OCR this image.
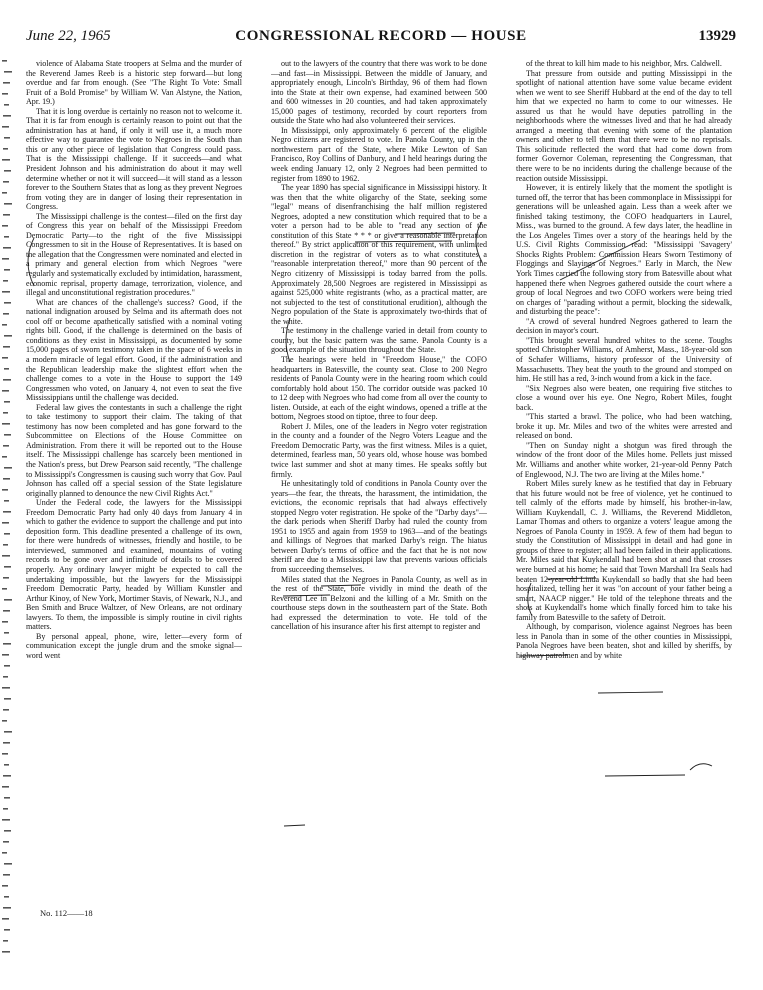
June 22, 1965	CONGRESSIONAL RECORD — HOUSE	13929

violence of Alabama State troopers at Selma and the murder of the Reverend James Reeb is a historic step forward—but long overdue and far from enough. (See "The Right To Vote: Small Fruit of a Bold Promise" by William W. Van Alstyne, the Nation, Apr. 19.)

That it is long overdue is certainly no reason not to welcome it. That it is far from enough is certainly reason to point out that the administration has at hand, if only it will use it, a much more effective way to guarantee the vote to Negroes in the South than this or any other piece of legislation that Congress could pass. That is the Mississippi challenge. If it succeeds—and what President Johnson and his administration do about it may well determine whether or not it will succeed—it will stand as a lesson forever to the Southern States that as long as they prevent Negroes from voting they are in danger of losing their representation in Congress.

The Mississippi challenge is the contest—filed on the first day of Congress this year on behalf of the Mississippi Freedom Democratic Party—to the right of the five Mississippi Congressmen to sit in the House of Representatives. It is based on the allegation that the Congressmen were nominated and elected in a primary and general election from which Negroes "were regularly and systematically excluded by intimidation, harassment, economic reprisal, property damage, terrorization, violence, and illegal and unconstitutional registration procedures."

What are chances of the challenge's success? Good, if the national indignation aroused by Selma and its aftermath does not cool off or become apathetically satisfied with a nominal voting rights bill. Good, if the challenge is determined on the basis of conditions as they exist in Mississippi, as documented by some 15,000 pages of sworn testimony taken in the space of 6 weeks in a modern miracle of legal effort. Good, if the administration and the Republican leadership make the slightest effort when the challenge comes to a vote in the House to support the 149 Congressmen who voted, on January 4, not even to seat the five Mississippians until the challenge was decided.

Federal law gives the contestants in such a challenge the right to take testimony to support their claim. The taking of that testimony has now been completed and has gone forward to the Subcommittee on Elections of the House Committee on Administration. From there it will be reported out to the House itself. The Mississippi challenge has scarcely been mentioned in the Nation's press, but Drew Pearson said recently, "The challenge to Mississippi's Congressmen is causing such worry that Gov. Paul Johnson has called off a special session of the State legislature originally planned to denounce the new Civil Rights Act."

Under the Federal code, the lawyers for the Mississippi Freedom Democratic Party had only 40 days from January 4 in which to gather the evidence to support the challenge and put into deposition form. This deadline presented a challenge of its own, for there were hundreds of witnesses, friendly and hostile, to be interviewed, summoned and examined, mountains of voting records to be gone over and infinitude of details to be covered properly. Any ordinary lawyer might be expected to call the undertaking impossible, but the lawyers for the Mississippi Freedom Democratic Party, headed by William Kunstler and Arthur Kinoy, of New York, Mortimer Stavis, of Newark, N.J., and Ben Smith and Bruce Waltzer, of New Orleans, are not ordinary lawyers. To them, the impossible is simply routine in civil rights matters.

By personal appeal, phone, wire, letter—every form of communication except the jungle drum and the smoke signal—word went

out to the lawyers of the country that there was work to be done—and fast—in Mississippi. Between the middle of January, and appropriately enough, Lincoln's Birthday, 96 of them had flown into the State at their own expense, had examined between 500 and 600 witnesses in 20 counties, and had taken approximately 15,000 pages of testimony, recorded by court reporters from outside the State who had also volunteered their services.

In Mississippi, only approximately 6 percent of the eligible Negro citizens are registered to vote. In Panola County, up in the northwestern part of the State, where Mike Lewton of San Francisco, Roy Collins of Danbury, and I held hearings during the week ending January 12, only 2 Negroes had been permitted to register from 1890 to 1962.

The year 1890 has special significance in Mississippi history. It was then that the white oligarchy of the State, seeking some "legal" means of disenfranchising the half million registered Negroes, adopted a new constitution which required that to be a voter a person had to be able to "read any section of the constitution of this State * * * or give a reasonable interpretation thereof." By strict application of this requirement, with unlimited discretion in the registrar of voters as to what constitutes a "reasonable interpretation thereof," more than 90 percent of the Negro citizenry of Mississippi is today barred from the polls. Approximately 28,500 Negroes are registered in Mississippi as against 525,000 white registrants (who, as a practical matter, are not subjected to the test of constitutional erudition), although the Negro population of the State is approximately two-thirds that of the white.

The testimony in the challenge varied in detail from county to county, but the basic pattern was the same. Panola County is a good example of the situation throughout the State.

The hearings were held in "Freedom House," the COFO headquarters in Batesville, the county seat. Close to 200 Negro residents of Panola County were in the hearing room which could comfortably hold about 150. The corridor outside was packed 10 to 12 deep with Negroes who had come from all over the county to listen. Outside, at each of the eight windows, opened a trifle at the bottom, Negroes stood on tiptoe, three to four deep.

Robert J. Miles, one of the leaders in Negro voter registration in the county and a founder of the Negro Voters League and the Freedom Democratic Party, was the first witness. Miles is a quiet, determined, fearless man, 50 years old, whose house was bombed twice last summer and shot at many times. He speaks softly but firmly.

He unhesitatingly told of conditions in Panola County over the years—the fear, the threats, the harassment, the intimidation, the evictions, the economic reprisals that had always effectively stopped Negro voter registration. He spoke of the "Darby days"—the dark periods when Sheriff Darby had ruled the county from 1951 to 1955 and again from 1959 to 1963—and of the beatings and killings of Negroes that marked Darby's reign. The hiatus between Darby's terms of office and the fact that he is not now sheriff are due to a Mississippi law that prevents various officials from succeeding themselves.

Miles stated that the Negroes in Panola County, as well as in the rest of the State, bore vividly in mind the death of the Reverend Lee in Belzoni and the killing of a Mr. Smith on the courthouse steps down in the southeastern part of the State. Both had expressed the determination to vote. He told of the cancellation of his insurance after his first attempt to register and

of the threat to kill him made to his neighbor, Mrs. Caldwell.

That pressure from outside and putting Mississippi in the spotlight of national attention have some value became evident when we went to see Sheriff Hubbard at the end of the day to tell him that we expected no harm to come to our witnesses. He assured us that he would have deputies patrolling in the neighborhoods where the witnesses lived and that he had already arranged a meeting that evening with some of the plantation owners and other to tell them that there were to be no reprisals. This solicitude reflected the word that had come down from former Governor Coleman, representing the Congressman, that there were to be no incidents during the challenge because of the reaction outside Mississippi.

However, it is entirely likely that the moment the spotlight is turned off, the terror that has been commonplace in Mississippi for generations will be unleashed again. Less than a week after we finished taking testimony, the COFO headquarters in Laurel, Miss., was burned to the ground. A few days later, the headline in the Los Angeles Times over a story of the hearings held by the U.S. Civil Rights Commission read: "Mississippi 'Savagery' Shocks Rights Problem: Commission Hears Sworn Testimony of Floggings and Slayings of Negroes." Early in March, the New York Times carried the following story from Batesville about what happened there when Negroes gathered outside the court where a group of local Negroes and two COFO workers were being tried on charges of "parading without a permit, blocking the sidewalk, and disturbing the peace":

"A crowd of several hundred Negroes gathered to learn the decision in mayor's court.

"This brought several hundred whites to the scene. Toughs spotted Christopher Williams, of Amherst, Mass., 18-year-old son of Schafer Williams, history professor of the University of Massachusetts. They beat the youth to the ground and stomped on him. He still has a red, 3-inch wound from a kick in the face.

"Six Negroes also were beaten, one requiring five stitches to close a wound over his eye. One Negro, Robert Miles, fought back.

"This started a brawl. The police, who had been watching, broke it up. Mr. Miles and two of the whites were arrested and released on bond.

"Then on Sunday night a shotgun was fired through the window of the front door of the Miles home. Pellets just missed Mr. Williams and another white worker, 21-year-old Penny Patch of Englewood, N.J. The two are living at the Miles home."

Robert Miles surely knew as he testified that day in February that his future would not be free of violence, yet he continued to tell calmly of the efforts made by himself, his brother-in-law, William Kuykendall, C. J. Williams, the Reverend Middleton, Lamar Thomas and others to organize a voters' league among the Negroes of Panola County in 1959. A few of them had begun to study the Constitution of Mississippi in detail and had gone in groups of three to register; all had been failed in their applications. Mr. Miles said that Kuykendall had been shot at and that crosses were burned at his home; he said that Town Marshall Ira Seals had beaten 12-year-old Linda Kuykendall so badly that she had been hospitalized, telling her it was "on account of your father being a smart, NAACP nigger." He told of the telephone threats and the shots at Kuykendall's home which finally forced him to take his family from Batesville to the safety of Detroit.

Although, by comparison, violence against Negroes has been less in Panola than in some of the other counties in Mississippi, Panola Negroes have been beaten, shot and killed by sheriffs, by highway patrolmen and by white

No. 112——18
